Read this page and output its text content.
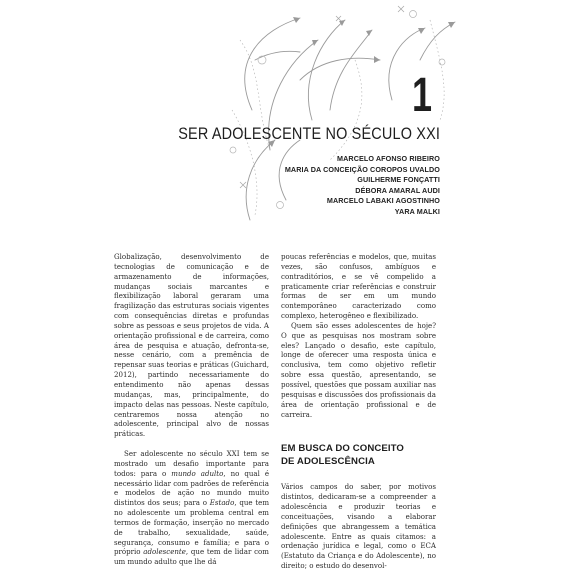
1
SER ADOLESCENTE NO SÉCULO XXI
MARCELO AFONSO RIBEIRO
MARIA DA CONCEIÇÃO COROPOS UVALDO
GUILHERME FONÇATTI
DÉBORA AMARAL AUDI
MARCELO LABAKI AGOSTINHO
YARA MALKI

Globalização, desenvolvimento de tecnologias de comunicação e de armazenamento de informações, mudanças sociais marcantes e flexibilização laboral geraram uma fragilização das estruturas sociais vigentes com consequências diretas e profundas sobre as pessoas e seus projetos de vida. A orientação profissional e de carreira, como área de pesquisa e atuação, defronta-se, nesse cenário, com a premência de repensar suas teorias e práticas (Guichard, 2012), partindo necessariamente do entendimento não apenas dessas mudanças, mas, principalmente, do impacto delas nas pessoas. Neste capítulo, centraremos nossa atenção no adolescente, principal alvo de nossas práticas.

Ser adolescente no século XXI tem se mostrado um desafio importante para todos: para o mundo adulto, no qual é necessário lidar com padrões de referência e modelos de ação no mundo muito distintos dos seus; para o Estado, que tem no adolescente um problema central em termos de formação, inserção no mercado de trabalho, sexualidade, saúde, segurança, consumo e família; e para o próprio adolescente, que tem de lidar com um mundo adulto que lhe dá

poucas referências e modelos, que, muitas vezes, são confusos, ambíguos e contraditórios, e se vê compelido a praticamente criar referências e construir formas de ser em um mundo contemporâneo caracterizado como complexo, heterogêneo e flexibilizado.

Quem são esses adolescentes de hoje? O que as pesquisas nos mostram sobre eles? Lançado o desafio, este capítulo, longe de oferecer uma resposta única e conclusiva, tem como objetivo refletir sobre essa questão, apresentando, se possível, questões que possam auxiliar nas pesquisas e discussões dos profissionais da área de orientação profissional e de carreira.

EM BUSCA DO CONCEITO
DE ADOLESCÊNCIA

Vários campos do saber, por motivos distintos, dedicaram-se a compreender a adolescência e produzir teorias e conceituações, visando a elaborar definições que abrangessem a temática adolescente. Entre as quais citamos: a ordenação jurídica e legal, como o ECA (Estatuto da Criança e do Adolescente), no direito; o estudo do desenvol-
